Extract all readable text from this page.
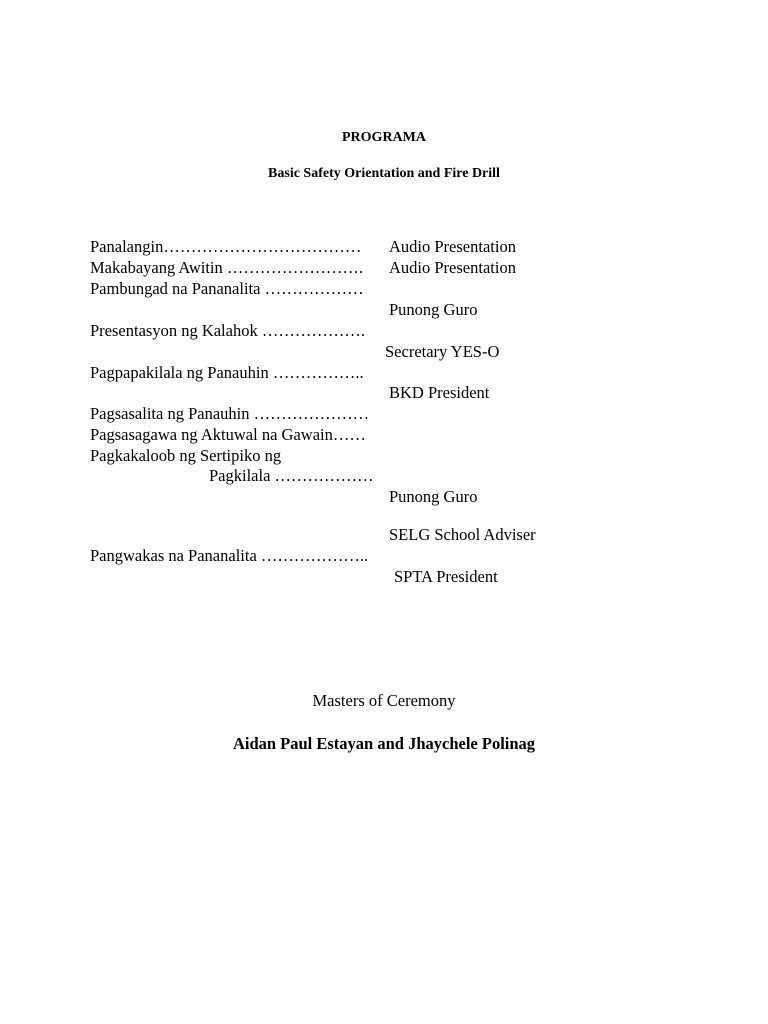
PROGRAMA
Basic Safety Orientation and Fire Drill
Panalangin……………………………… Audio Presentation
Makabayang Awitin ……………………. Audio Presentation
Pambungad na Pananalita ………………
Punong Guro
Presentasyon ng Kalahok ……………….
Secretary YES-O
Pagpapakilala ng Panauhin ……………..
BKD President
Pagsasalita ng Panauhin …………………
Pagsasagawa ng Aktuwal na Gawain……
Pagkakaloob ng Sertipiko ng
Pagkilala ………………
Punong Guro
SELG School Adviser
Pangwakas na Pananalita ………………..
SPTA President
Masters of Ceremony
Aidan Paul Estayan and Jhaychele Polinag
